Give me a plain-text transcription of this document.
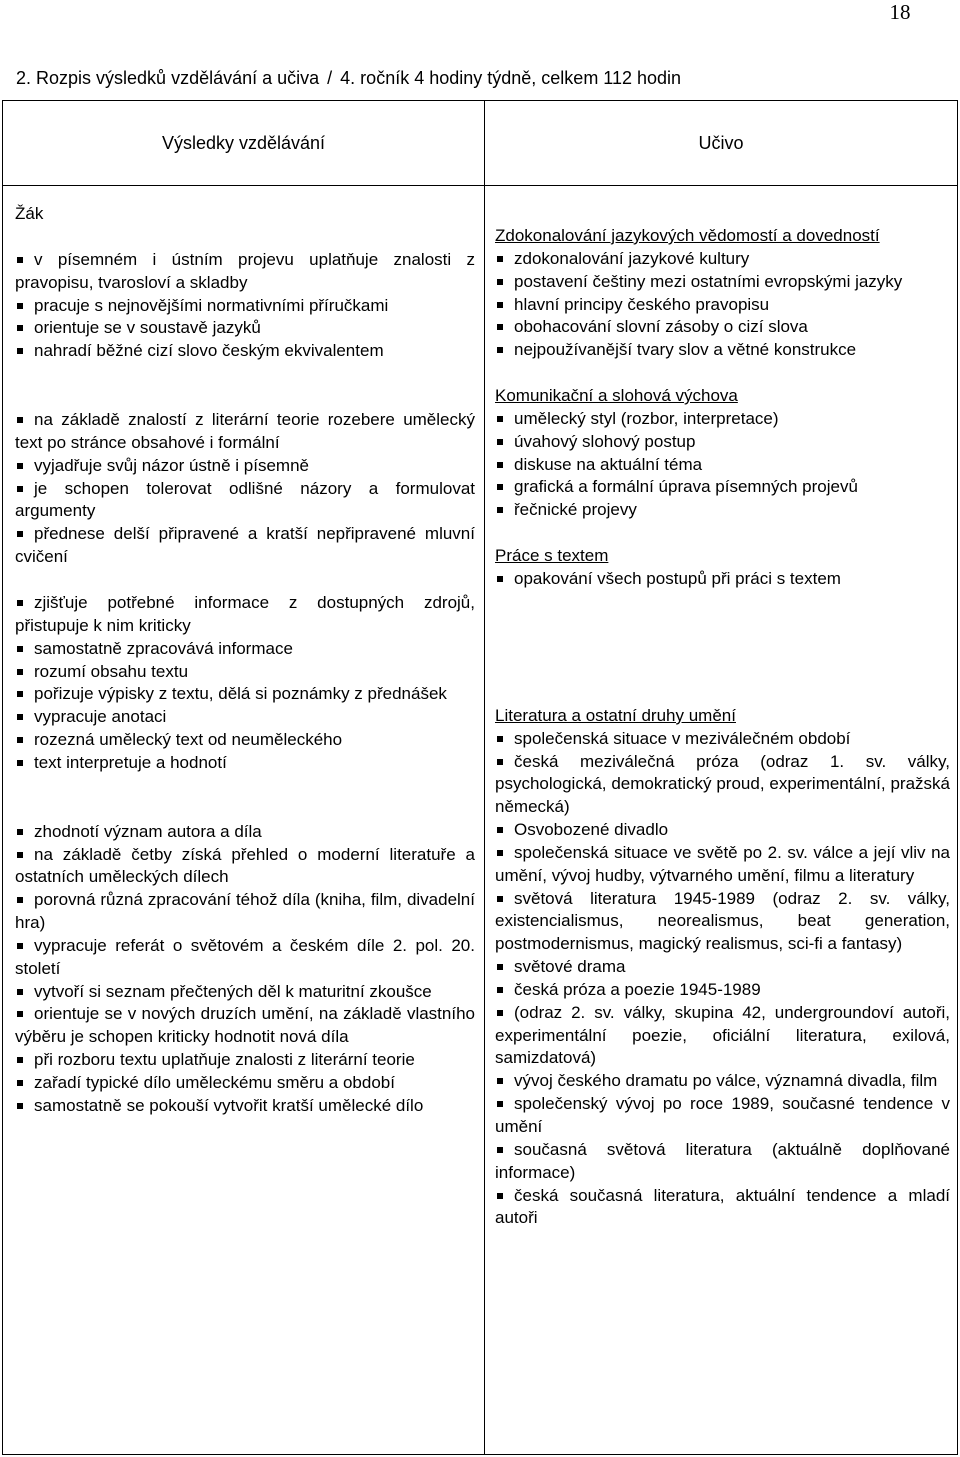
18
2. Rozpis výsledků vzdělávání a učiva / 4. ročník 4 hodiny týdně, celkem 112 hodin
Výsledky vzdělávání	Učivo
Žák
v písemném i ústním projevu uplatňuje znalosti z pravopisu, tvarosloví a skladby
pracuje s nejnovějšími normativními příručkami
orientuje se v soustavě jazyků
nahradí běžné cizí slovo českým ekvivalentem
na základě znalostí z literární teorie rozebere umělecký text po stránce obsahové i formální
vyjadřuje svůj názor ústně i písemně
je schopen tolerovat odlišné názory a formulovat argumenty
přednese delší připravené a kratší nepřipravené mluvní cvičení
zjišťuje potřebné informace z dostupných zdrojů, přistupuje k nim kriticky
samostatně zpracovává informace
rozumí obsahu textu
pořizuje výpisky z textu, dělá si poznámky z přednášek
vypracuje anotaci
rozezná umělecký text od neuměleckého
text interpretuje a hodnotí
zhodnotí význam autora a díla
na základě četby získá přehled o moderní literatuře a ostatních uměleckých dílech
porovná různá zpracování téhož díla (kniha, film, divadelní hra)
vypracuje referát o světovém a českém díle 2. pol. 20. století
vytvoří si seznam přečtených děl k maturitní zkoušce
orientuje se v nových druzích umění, na základě vlastního výběru je schopen kriticky hodnotit nová díla
při rozboru textu uplatňuje znalosti z literární teorie
zařadí typické dílo uměleckému směru a období
samostatně se pokouší vytvořit kratší umělecké dílo
Zdokonalování jazykových vědomostí a dovedností
zdokonalování jazykové kultury
postavení češtiny mezi ostatními evropskými jazyky
hlavní principy českého pravopisu
obohacování slovní zásoby o cizí slova
nejpoužívanější tvary slov a větné konstrukce
Komunikační a slohová výchova
umělecký styl (rozbor, interpretace)
úvahový slohový postup
diskuse na aktuální téma
grafická a formální úprava písemných projevů
řečnické projevy
Práce s textem
opakování všech postupů při práci s textem
Literatura a ostatní druhy umění
společenská situace v meziválečném období
česká meziválečná próza (odraz 1. sv. války, psychologická, demokratický proud, experimentální, pražská německá)
Osvobozené divadlo
společenská situace ve světě po 2. sv. válce a její vliv na umění, vývoj hudby, výtvarného umění, filmu a literatury
světová literatura 1945-1989 (odraz 2. sv. války, existencialismus, neorealismus, beat generation, postmodernismus, magický realismus, sci-fi a fantasy)
světové drama
česká próza a poezie 1945-1989
(odraz 2. sv. války, skupina 42, undergroundoví autoři, experimentální poezie, oficiální literatura, exilová, samizdatová)
vývoj českého dramatu po válce, významná divadla, film
společenský vývoj po roce 1989, současné tendence v umění
současná světová literatura (aktuálně doplňované informace)
česká současná literatura, aktuální tendence a mladí autoři
